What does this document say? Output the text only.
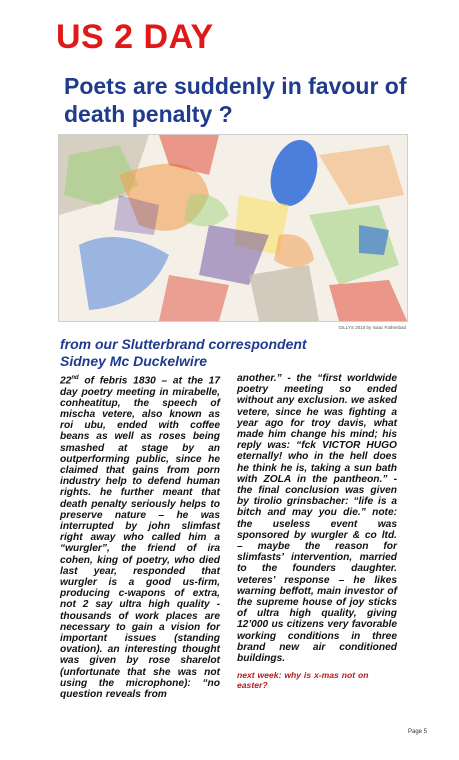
US 2 DAY
Poets are suddenly in favour of death penalty ?
GILLYS 2010 by Isaac Fathenbad
from our Slutterbrand correspondent
Sidney Mc Duckelwire
22nd of febris 1830 – at the 17 day poetry meeting in mirabelle, conheatitup, the speech of mischa vetere, also known as roi ubu, ended with coffee beans as well as roses being smashed at stage by an outperforming public, since he claimed that gains from porn industry help to defend human rights. he further meant that death penalty seriously helps to preserve nature – he was interrupted by john slimfast right away who called him a “wurgler”, the friend of ira cohen, king of poetry, who died last year, responded that wurgler is a good us-firm, producing c-wapons of extra, not 2 say ultra high quality - thousands of work places are necessary to gain a vision for important issues (standing ovation). an interesting thought was given by rose sharelot (unfortunate that she was not using the microphone): “no question reveals from
another.” - the “first worldwide poetry meeting so ended without any exclusion. we asked vetere, since he was fighting a year ago for troy davis, what made him change his mind; his reply was: “fck VICTOR HUGO eternally! who in the hell does he think he is, taking a sun bath with ZOLA in the pantheon.” - the final conclusion was given by tirolio grinsbacher: “life is a bitch and may you die.” note: the useless event was sponsored by wurgler & co ltd. – maybe the reason for slimfasts’ intervention, married to the founders daughter. veteres’ response – he likes warning beffott, main investor of the supreme house of joy sticks of ultra high quality, giving 12’000 us citizens very favorable working conditions in three brand new air conditioned buildings.
next week: why is x-mas not on easter?
Page 5
